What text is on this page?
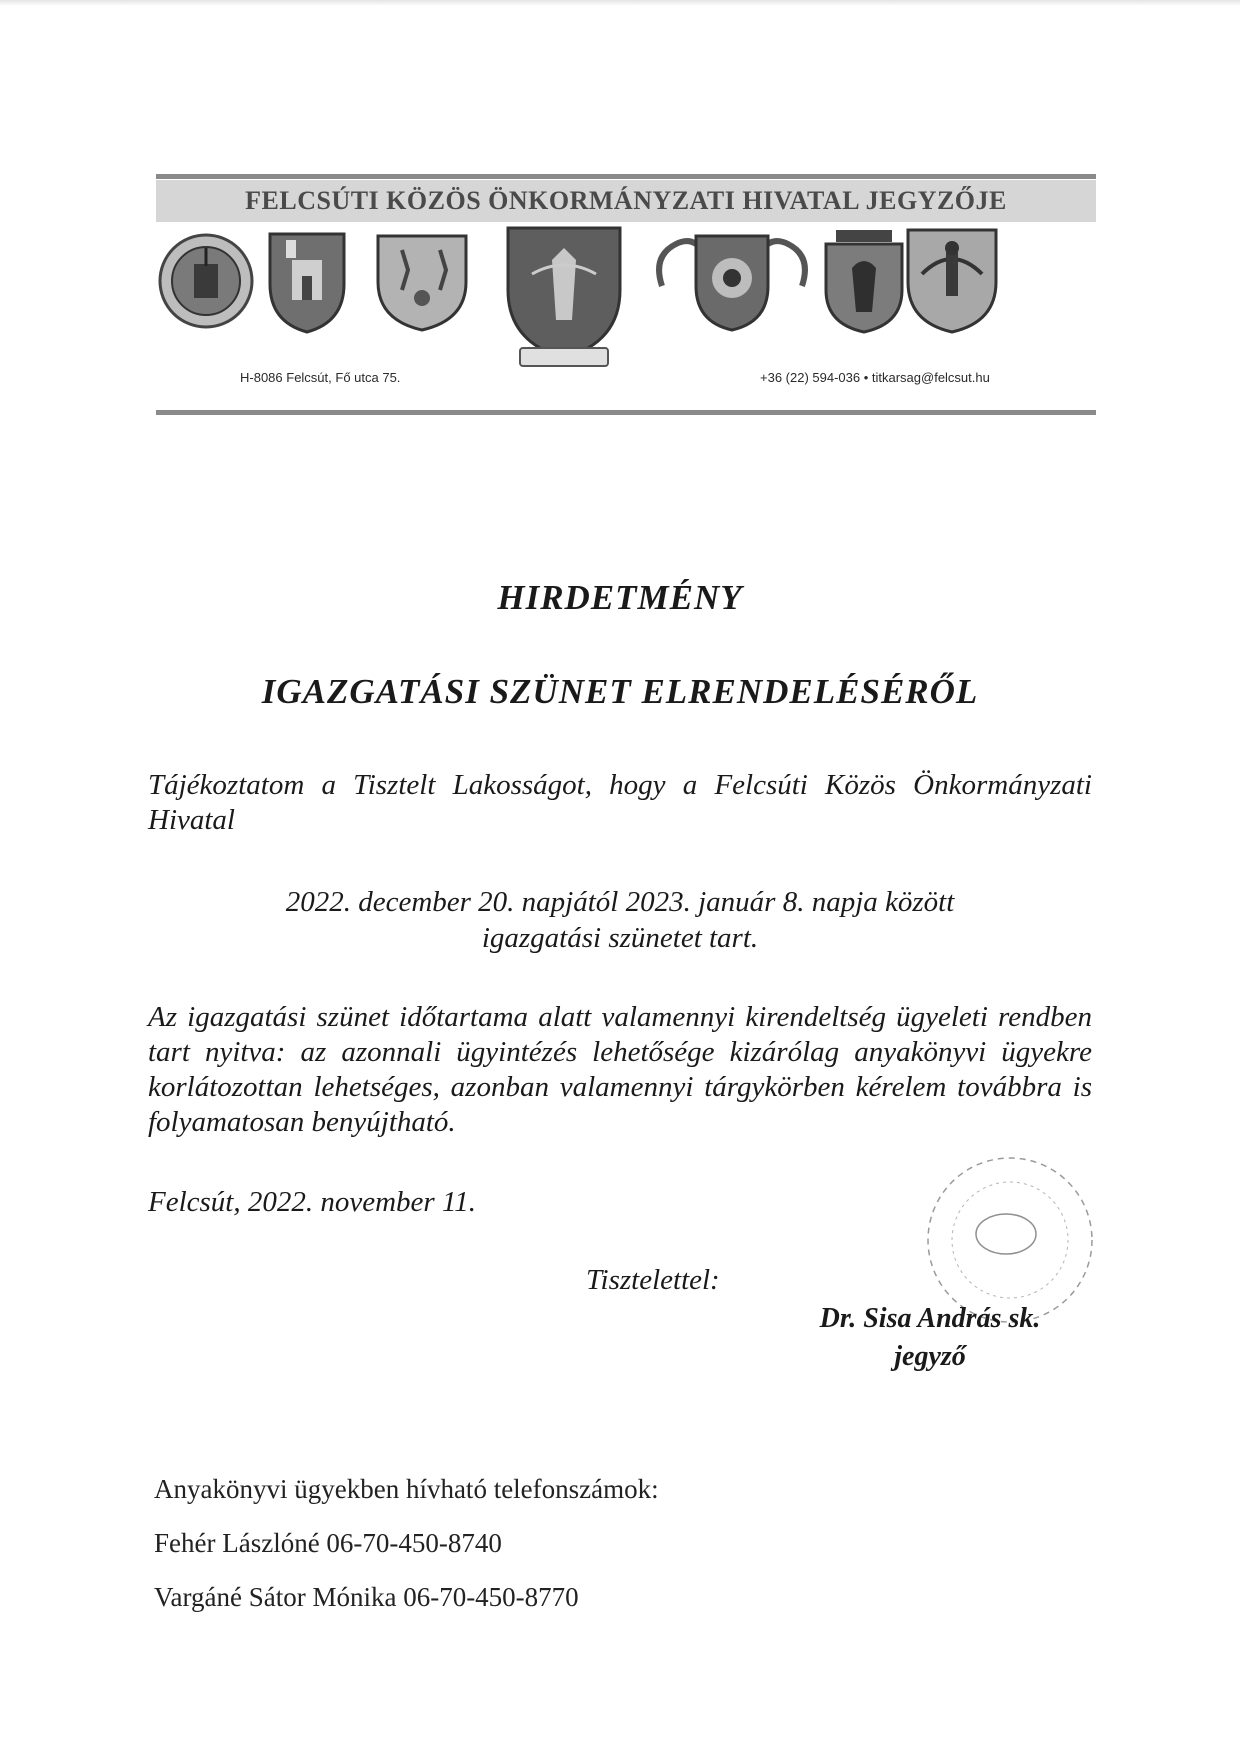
FELCSÚTI KÖZÖS ÖNKORMÁNYZATI HIVATAL JEGYZŐJE
H-8086 Felcsút, Fő utca 75.	+36 (22) 594-036 • titkarsag@felcsut.hu
HIRDETMÉNY
IGAZGATÁSI SZÜNET ELRENDELÉSÉRŐL
Tájékoztatom a Tisztelt Lakosságot, hogy a Felcsúti Közös Önkormányzati Hivatal
2022. december 20. napjától 2023. január 8. napja között
igazgatási szünetet tart.
Az igazgatási szünet időtartama alatt valamennyi kirendeltség ügyeleti rendben tart nyitva: az azonnali ügyintézés lehetősége kizárólag anyakönyvi ügyekre korlátozottan lehetséges, azonban valamennyi tárgykörben kérelem továbbra is folyamatosan benyújtható.
Felcsút, 2022. november 11.
Tisztelettel:
Dr. Sisa András sk.
jegyző
Anyakönyvi ügyekben hívható telefonszámok:
Fehér Lászlóné 06-70-450-8740
Vargáné Sátor Mónika 06-70-450-8770
